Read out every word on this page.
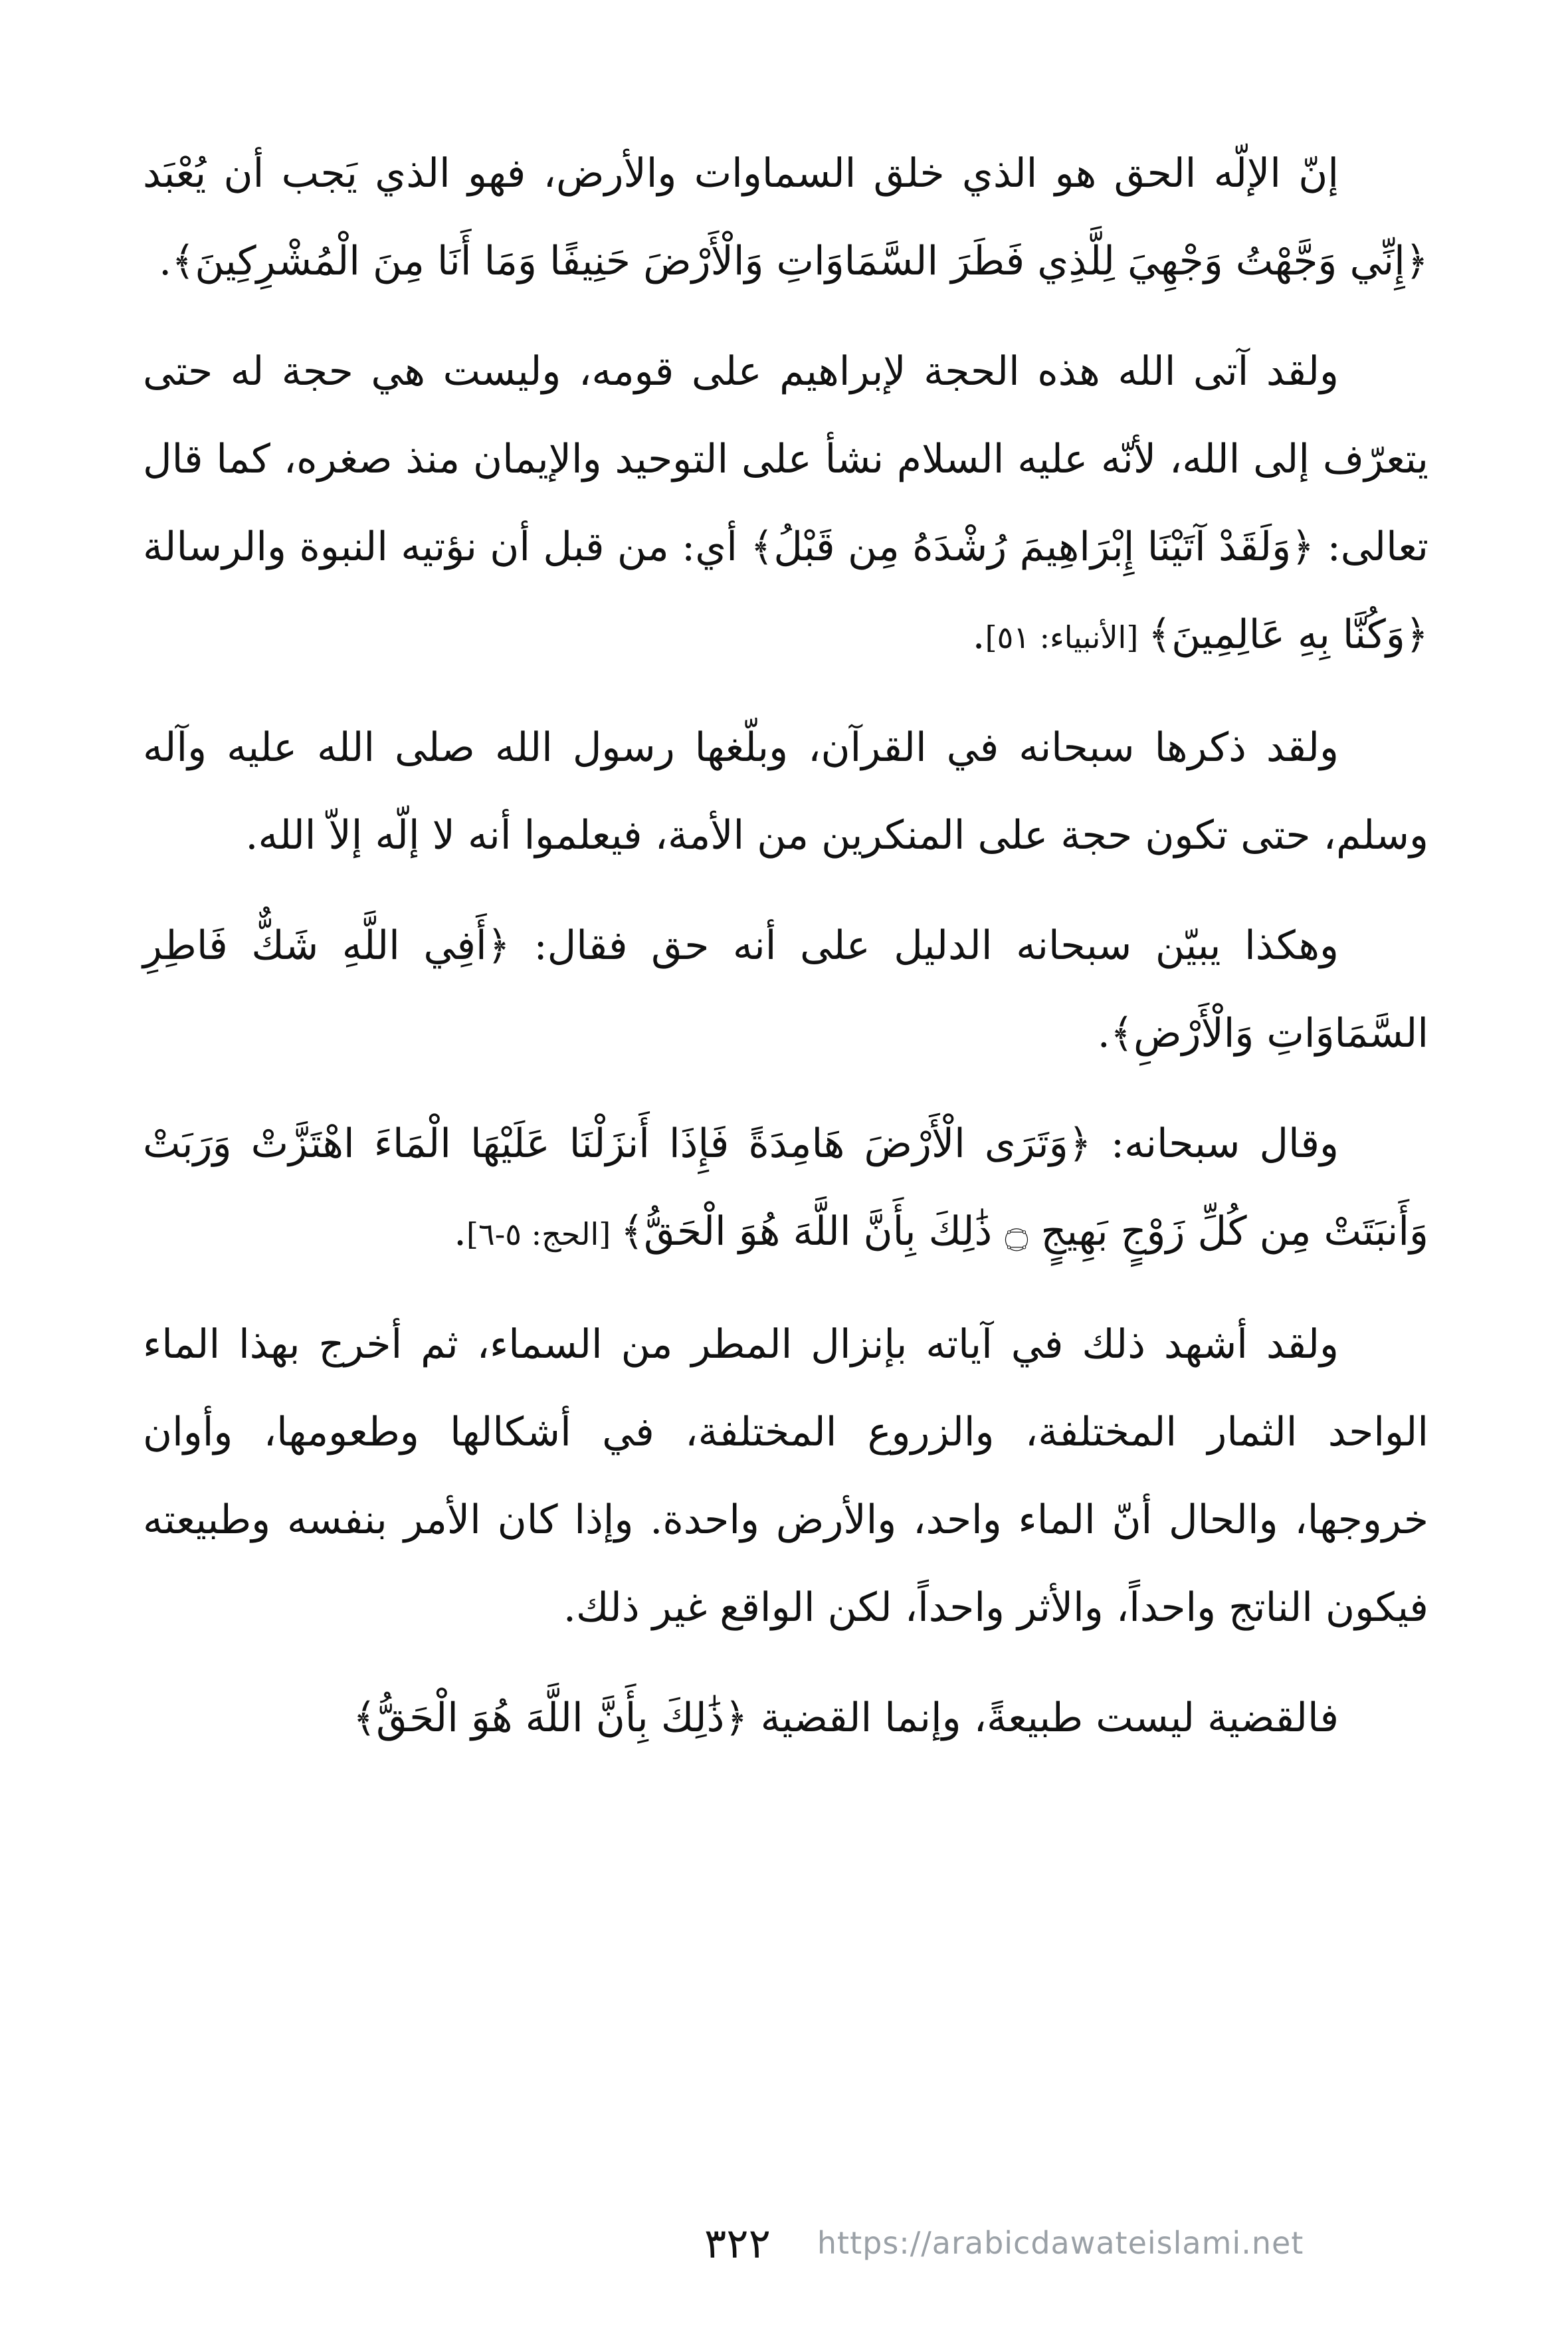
إنّ الإلّه الحق هو الذي خلق السماوات والأرض، فهو الذي يَجب أن يُعْبَد ﴿إِنِّي وَجَّهْتُ وَجْهِيَ لِلَّذِي فَطَرَ السَّمَاوَاتِ وَالْأَرْضَ حَنِيفًا وَمَا أَنَا مِنَ الْمُشْرِكِينَ﴾.

ولقد آتى الله هذه الحجة لإبراهيم على قومه، وليست هي حجة له حتى يتعرّف إلى الله، لأنّه عليه السلام نشأ على التوحيد والإيمان منذ صغره، كما قال تعالى: ﴿وَلَقَدْ آتَيْنَا إِبْرَاهِيمَ رُشْدَهُ مِن قَبْلُ﴾ أي: من قبل أن نؤتيه النبوة والرسالة ﴿وَكُنَّا بِهِ عَالِمِينَ﴾ [الأنبياء: ٥١].

ولقد ذكرها سبحانه في القرآن، وبلّغها رسول الله صلى الله عليه وآله وسلم، حتى تكون حجة على المنكرين من الأمة، فيعلموا أنه لا إلّه إلاّ الله.

وهكذا يبيّن سبحانه الدليل على أنه حق فقال: ﴿أَفِي اللَّهِ شَكٌّ فَاطِرِ السَّمَاوَاتِ وَالْأَرْضِ﴾.

وقال سبحانه: ﴿وَتَرَى الْأَرْضَ هَامِدَةً فَإِذَا أَنزَلْنَا عَلَيْهَا الْمَاءَ اهْتَزَّتْ وَرَبَتْ وَأَنبَتَتْ مِن كُلِّ زَوْجٍ بَهِيجٍ ۝ ذَٰلِكَ بِأَنَّ اللَّهَ هُوَ الْحَقُّ﴾ [الحج: ٥-٦].

ولقد أشهد ذلك في آياته بإنزال المطر من السماء، ثم أخرج بهذا الماء الواحد الثمار المختلفة، والزروع المختلفة، في أشكالها وطعومها، وأوان خروجها، والحال أنّ الماء واحد، والأرض واحدة. وإذا كان الأمر بنفسه وطبيعته فيكون الناتج واحداً، والأثر واحداً، لكن الواقع غير ذلك.

فالقضية ليست طبيعةً، وإنما القضية ﴿ذَٰلِكَ بِأَنَّ اللَّهَ هُوَ الْحَقُّ﴾

٣٢٢ https://arabicdawateislami.net
